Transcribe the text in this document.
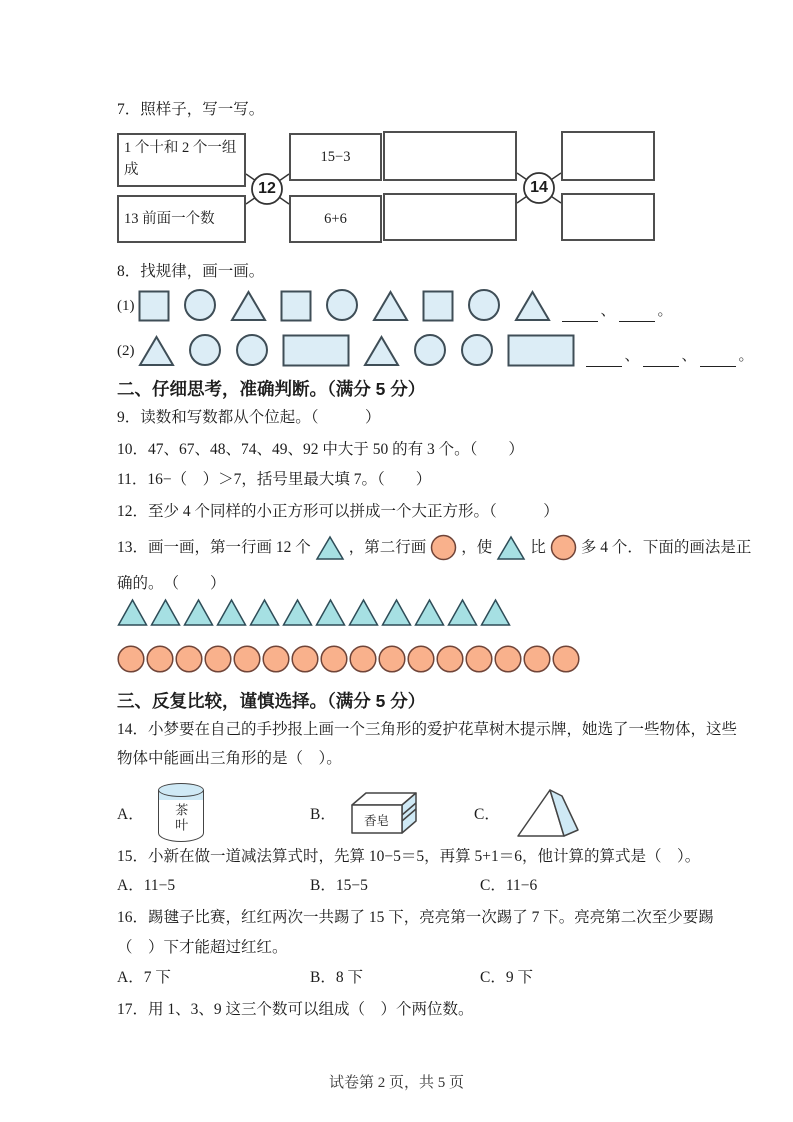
7．照样子，写一写。
1 个十和 2 个一组成
13 前面一个数
15−3
6+6
12	14
8．找规律，画一画。
(1)	、	。
(2)	、	、	。
二、仔细思考，准确判断。（满分 5 分）
9．读数和写数都从个位起。（　　　）
10．47、67、48、74、49、92 中大于 50 的有 3 个。（　　）
11．16−（　）＞7，括号里最大填 7。（　　）
12．至少 4 个同样的小正方形可以拼成一个大正方形。（　　　）
13．画一画，第一行画 12 个 ，第二行画 ，使 比 多 4 个．下面的画法是正
确的。　（　　）
三、反复比较，谨慎选择。（满分 5 分）
14．小梦要在自己的手抄报上画一个三角形的爱护花草树木提示牌，她选了一些物体，这些
物体中能画出三角形的是（　）。
A． 茶叶	B． 香皂	C．
15．小新在做一道减法算式时，先算 10−5＝5，再算 5+1＝6，他计算的算式是（　）。
A．11−5	B．15−5	C．11−6
16．踢毽子比赛，红红两次一共踢了 15 下，亮亮第一次踢了 7 下。亮亮第二次至少要踢
（　）下才能超过红红。
A．7 下	B．8 下	C．9 下
17．用 1、3、9 这三个数可以组成（　）个两位数。
试卷第 2 页，共 5 页
